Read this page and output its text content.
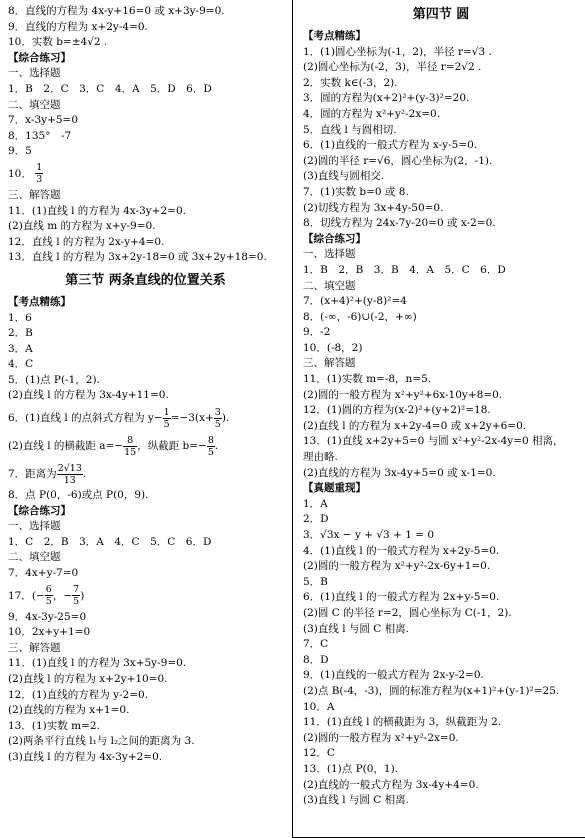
8．直线的方程为 4x-y+16=0 或 x+3y-9=0.
9．直线的方程为 x+2y-4=0.
10．实数 b=±4√2 .
【综合练习】
一、选择题
1．B　2．C　3．C　4．A　5．D　6．D
二、填空题
7．x-3y+5=0
8．135°　-7
9．5
10． $\frac{1}{3}$
三、解答题
11．(1)直线 l 的方程为 4x-3y+2=0.
(2)直线 m 的方程为 x+y-9=0.
12．直线 l 的方程为 2x-y+4=0.
13．直线 l 的方程为 3x+2y-18=0 或 3x+2y+18=0.
第三节 两条直线的位置关系
【考点精练】
1．6
2．B
3．A
4．C
5．(1)点 P(-1，2).
(2)直线 l 的方程为 3x-4y+11=0.
6．(1)直线 l 的点斜式方程为 $y- \frac{1}{5} =-3(x+ \frac{3}{5}$ ).
(2)直线 l 的横截距 $a=- \frac{8}{15}$ ，纵截距 $b=- \frac{8}{5}$ .
7．距离为 $\frac{2√13}{13}$ .
8．点 P(0，-6)或点 P(0，9).
【综合练习】
一、选择题
1．C　2．B　3．A　4．C　5．C　6．D
二、填空题
7．4x+y-7=0
17．(− $\frac{6}{5}$ ，− $\frac{7}{5}$ )
9．4x-3y-25=0
10．2x+y+1=0
三、解答题
11．(1)直线 l 的方程为 3x+5y-9=0.
(2)直线 l 的方程为 x+2y+10=0.
12．(1)直线的方程为 y-2=0.
(2)直线的方程为 x+1=0.
13．(1)实数 m=2.
(2)两条平行直线 l₁与 l₂之间的距离为 3.
(3)直线 l 的方程为 4x-3y+2=0.
第四节 圆
【考点精练】
1．(1)圆心坐标为(-1，2)，半径 r=√3 .
(2)圆心坐标为(-2，3)，半径 r=2√2 .
2．实数 k∈(-3，2).
3．圆的方程为(x+2)²+(y-3)²=20.
4．圆的方程为 x²+y²-2x=0.
5．直线 l 与圆相切.
6．(1)直线的一般式方程为 x-y-5=0.
(2)圆的半径 r=√6，圆心坐标为(2，-1).
(3)直线与圆相交.
7．(1)实数 b=0 或 8.
(2)切线方程为 3x+4y-50=0.
8．切线方程为 24x-7y-20=0 或 x-2=0.
【综合练习】
一、选择题
1．B　2．B　3．B　4．A　5．C　6．D
二、填空题
7．(x+4)²+(y-8)²=4
8．(-∞，-6)∪(-2，+∞)
9．-2
10．(-8，2)
三、解答题
11．(1)实数 m=-8，n=5.
(2)圆的一般方程为 x²+y²+6x-10y+8=0.
12．(1)圆的方程为(x-2)²+(y+2)²=18.
(2)直线 l 的方程为 x+2y-4=0 或 x+2y+6=0.
13．(1)直线 x+2y+5=0 与圆 x²+y²-2x-4y=0 相离，
理由略.
(2)直线的方程为 3x-4y+5=0 或 x-1=0.
【真题重现】
1．A
2．D
3．√3x − y + √3 + 1 = 0
4．(1)直线 l 的一般式方程为 x+2y-5=0.
(2)圆的一般方程为 x²+y²-2x-6y+1=0.
5．B
6．(1)直线 l 的一般式方程为 2x+y-5=0.
(2)圆 C 的半径 r=2，圆心坐标为 C(-1，2).
(3)直线 l 与圆 C 相离.
7．C
8．D
9．(1)直线的一般式方程为 2x-y-2=0.
(2)点 B(-4，-3)，圆的标准方程为(x+1)²+(y-1)²=25.
10．A
11．(1)直线 l 的横截距为 3，纵截距为 2.
(2)圆的一般方程为 x²+y²-2x=0.
12．C
13．(1)点 P(0，1).
(2)直线的一般式方程为 3x-4y+4=0.
(3)直线 l 与圆 C 相离.
